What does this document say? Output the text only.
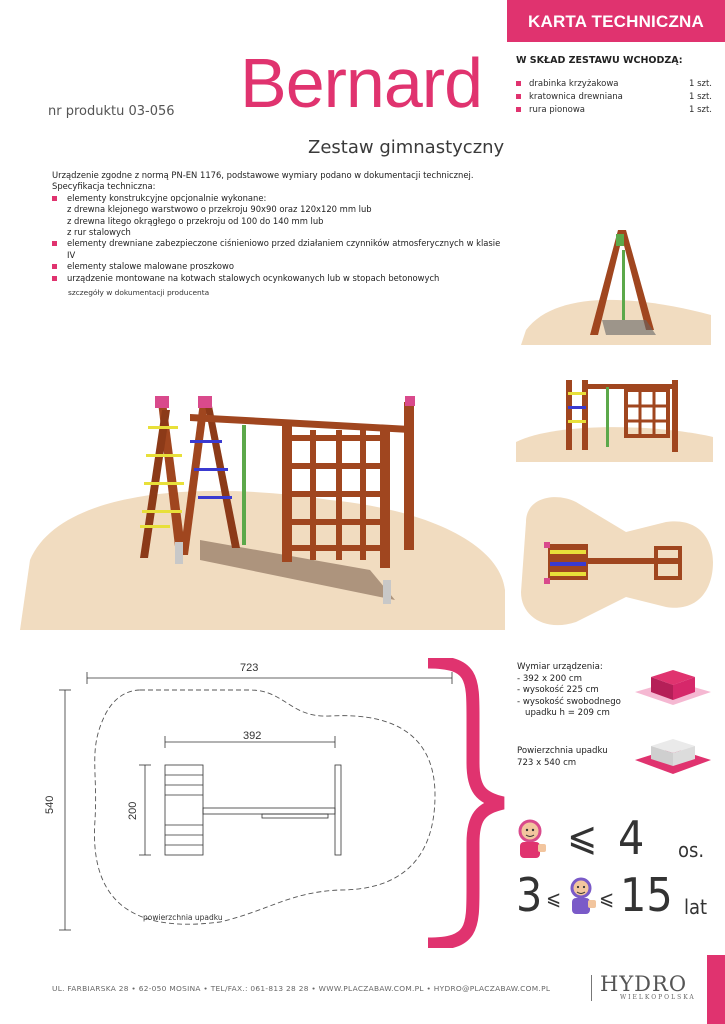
KARTA TECHNICZNA
Bernard
Zestaw gimnastyczny
nr produktu 03-056
W SKŁAD ZESTAWU WCHODZĄ:
drabinka krzyżakowa	1 szt.
kratownica drewniana	1 szt.
rura pionowa	1 szt.
Urządzenie zgodne z normą PN-EN 1176, podstawowe wymiary podano w dokumentacji technicznej.
Specyfikacja techniczna:
elementy konstrukcyjne opcjonalnie wykonane:
z drewna klejonego warstwowo o przekroju 90x90 oraz 120x120 mm lub
z drewna litego okrągłego o przekroju od 100 do 140 mm lub
z rur stalowych
elementy drewniane zabezpieczone ciśnieniowo przed działaniem czynników atmosferycznych w klasie IV
elementy stalowe malowane proszkowo
urządzenie montowane na kotwach stalowych ocynkowanych lub w stopach betonowych
szczegóły w dokumentacji producenta
723
392
540	200
powierzchnia upadku
Wymiar urządzenia:
- 392 x 200 cm
- wysokość 225 cm
- wysokość swobodnego
upadku h = 209 cm
Powierzchnia upadku
723 x 540 cm
⩽ 4 os.
3 ⩽ ⩽ 15 lat
UL. FARBIARSKA 28 • 62-050 MOSINA • TEL/FAX.: 061-813 28 28 • WWW.PLACZABAW.COM.PL • HYDRO@PLACZABAW.COM.PL HYDRO
WIELKOPOLSKA
